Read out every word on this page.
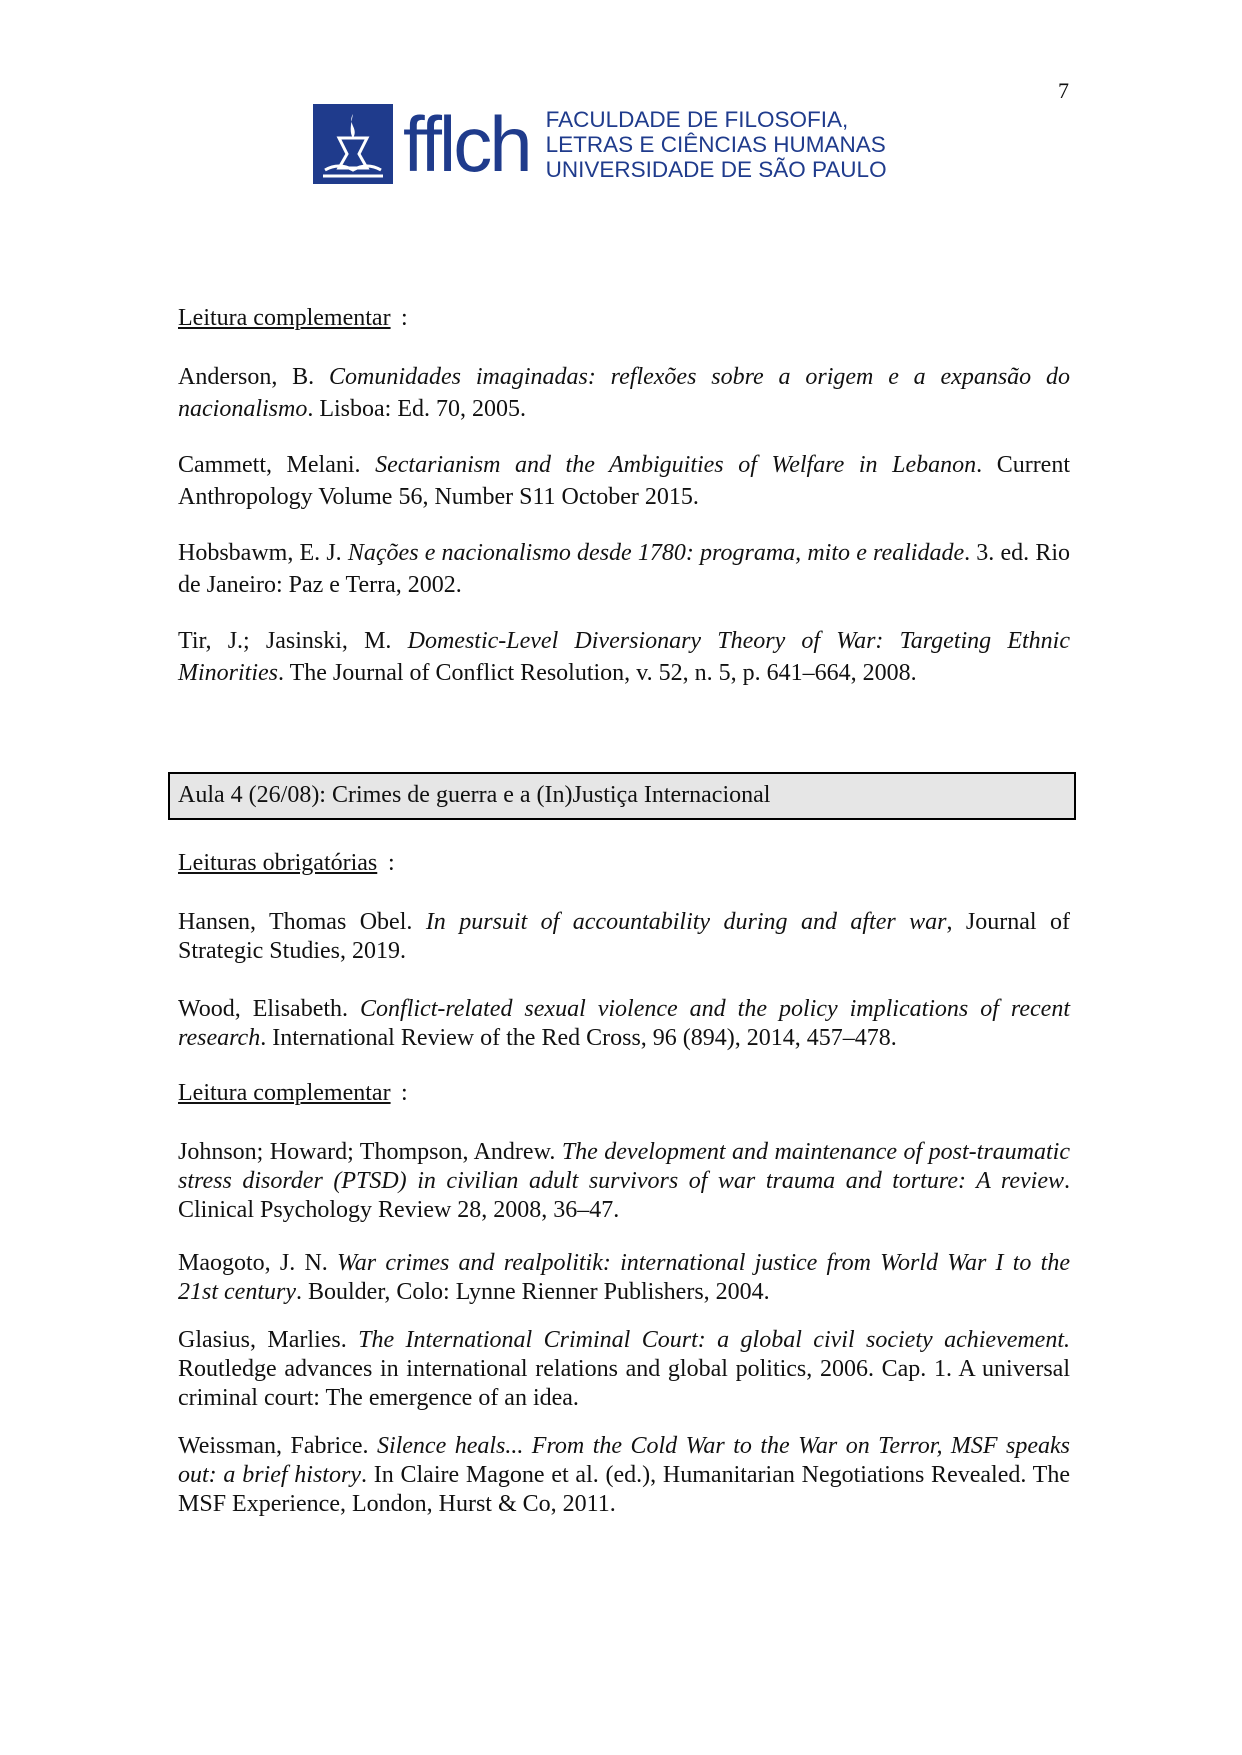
7
fflch FACULDADE DE FILOSOFIA,
LETRAS E CIÊNCIAS HUMANAS
UNIVERSIDADE DE SÃO PAULO
Leitura complementar :
Anderson, B. Comunidades imaginadas: reflexões sobre a origem e a expansão do nacionalismo. Lisboa: Ed. 70, 2005.
Cammett, Melani. Sectarianism and the Ambiguities of Welfare in Lebanon. Current Anthropology Volume 56, Number S11 October 2015.
Hobsbawm, E. J. Nações e nacionalismo desde 1780: programa, mito e realidade. 3. ed. Rio de Janeiro: Paz e Terra, 2002.
Tir, J.; Jasinski, M. Domestic-Level Diversionary Theory of War: Targeting Ethnic Minorities. The Journal of Conflict Resolution, v. 52, n. 5, p. 641–664, 2008.
Leituras obrigatórias :
Hansen, Thomas Obel. In pursuit of accountability during and after war, Journal of Strategic Studies, 2019.
Wood, Elisabeth. Conflict-related sexual violence and the policy implications of recent research. International Review of the Red Cross, 96 (894), 2014, 457–478.
Leitura complementar :
Johnson; Howard; Thompson, Andrew. The development and maintenance of post-traumatic stress disorder (PTSD) in civilian adult survivors of war trauma and torture: A review. Clinical Psychology Review 28, 2008, 36–47.
Maogoto, J. N. War crimes and realpolitik: international justice from World War I to the 21st century. Boulder, Colo: Lynne Rienner Publishers, 2004.
Glasius, Marlies. The International Criminal Court: a global civil society achievement. Routledge advances in international relations and global politics, 2006. Cap. 1. A universal criminal court: The emergence of an idea.
Weissman, Fabrice. Silence heals... From the Cold War to the War on Terror, MSF speaks out: a brief history. In Claire Magone et al. (ed.), Humanitarian Negotiations Revealed. The MSF Experience, London, Hurst & Co, 2011.
Aula 4 (26/08): Crimes de guerra e a (In)Justiça Internacional
